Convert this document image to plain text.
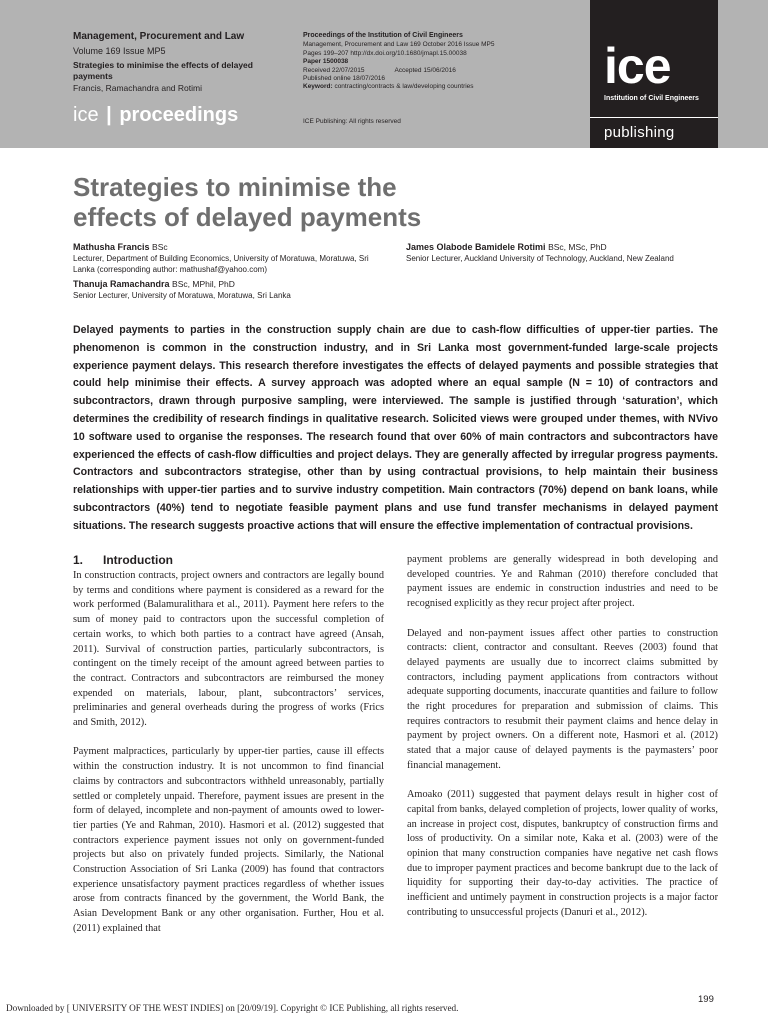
Management, Procurement and Law
Volume 169 Issue MP5
Strategies to minimise the effects of delayed payments
Francis, Ramachandra and Rotimi
ice | proceedings
Proceedings of the Institution of Civil Engineers
Management, Procurement and Law 169 October 2016 Issue MP5
Pages 199–207 http://dx.doi.org/10.1680/jmapl.15.00038
Paper 1500038
Received 22/07/2015	Accepted 15/06/2016
Published online 18/07/2016
Keyword: contracting/contracts & law/developing countries
ICE Publishing: All rights reserved
ice
Institution of Civil Engineers
publishing
Strategies to minimise the
effects of delayed payments
Mathusha Francis BSc
Lecturer, Department of Building Economics, University of Moratuwa, Moratuwa, Sri Lanka (corresponding author: mathushaf@yahoo.com)
Thanuja Ramachandra BSc, MPhil, PhD
Senior Lecturer, University of Moratuwa, Moratuwa, Sri Lanka
James Olabode Bamidele Rotimi BSc, MSc, PhD
Senior Lecturer, Auckland University of Technology, Auckland, New Zealand
Delayed payments to parties in the construction supply chain are due to cash-flow difficulties of upper-tier parties. The phenomenon is common in the construction industry, and in Sri Lanka most government-funded large-scale projects experience payment delays. This research therefore investigates the effects of delayed payments and possible strategies that could help minimise their effects. A survey approach was adopted where an equal sample (N = 10) of contractors and subcontractors, drawn through purposive sampling, were interviewed. The sample is justified through ‘saturation’, which determines the credibility of research findings in qualitative research. Solicited views were grouped under themes, with NVivo 10 software used to organise the responses. The research found that over 60% of main contractors and subcontractors have experienced the effects of cash-flow difficulties and project delays. They are generally affected by irregular progress payments. Contractors and subcontractors strategise, other than by using contractual provisions, to help maintain their business relationships with upper-tier parties and to survive industry competition. Main contractors (70%) depend on bank loans, while subcontractors (40%) tend to negotiate feasible payment plans and use fund transfer mechanisms in delayed payment situations. The research suggests proactive actions that will ensure the effective implementation of contractual provisions.
1.	Introduction

In construction contracts, project owners and contractors are legally bound by terms and conditions where payment is considered as a reward for the work performed (Balamuralithara et al., 2011). Payment here refers to the sum of money paid to contractors upon the successful completion of certain works, to which both parties to a contract have agreed (Ansah, 2011). Survival of construction parties, particularly subcontractors, is contingent on the timely receipt of the amount agreed between parties to the contract. Contractors and subcontractors are reimbursed the money expended on materials, labour, plant, subcontractors’ services, preliminaries and general overheads during the progress of works (Frics and Smith, 2012).

Payment malpractices, particularly by upper-tier parties, cause ill effects within the construction industry. It is not uncommon to find financial claims by contractors and subcontractors withheld unreasonably, partially settled or completely unpaid. Therefore, payment issues are present in the form of delayed, incomplete and non-payment of amounts owed to lower-tier parties (Ye and Rahman, 2010). Hasmori et al. (2012) suggested that contractors experience payment issues not only on government-funded projects but also on privately funded projects. Similarly, the National Construction Association of Sri Lanka (2009) has found that contractors experience unsatisfactory payment practices regardless of whether issues arose from contracts financed by the government, the World Bank, the Asian Development Bank or any other organisation. Further, Hou et al. (2011) explained that

payment problems are generally widespread in both developing and developed countries. Ye and Rahman (2010) therefore concluded that payment issues are endemic in construction industries and need to be recognised explicitly as they recur project after project.

Delayed and non-payment issues affect other parties to construction contracts: client, contractor and consultant. Reeves (2003) found that delayed payments are usually due to incorrect claims submitted by contractors, including payment applications from contractors without adequate supporting documents, inaccurate quantities and failure to follow the right procedures for preparation and submission of claims. This requires contractors to resubmit their payment claims and hence delay in payment by project owners. On a different note, Hasmori et al. (2012) stated that a major cause of delayed payments is the paymasters’ poor financial management.

Amoako (2011) suggested that payment delays result in higher cost of capital from banks, delayed completion of projects, lower quality of works, an increase in project cost, disputes, bankruptcy of construction firms and loss of productivity. On a similar note, Kaka et al. (2003) were of the opinion that many construction companies have negative net cash flows due to improper payment practices and become bankrupt due to the lack of liquidity for supporting their day-to-day activities. The practice of inefficient and untimely payment in construction projects is a major factor contributing to unsuccessful projects (Danuri et al., 2012).

199
Downloaded by [ UNIVERSITY OF THE WEST INDIES] on [20/09/19]. Copyright © ICE Publishing, all rights reserved.
